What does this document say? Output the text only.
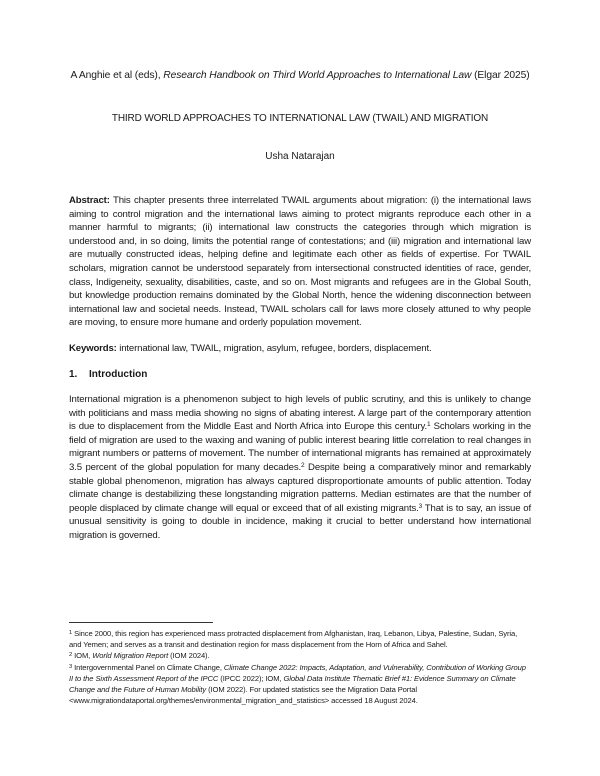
A Anghie et al (eds), Research Handbook on Third World Approaches to International Law (Elgar 2025)
THIRD WORLD APPROACHES TO INTERNATIONAL LAW (TWAIL) AND MIGRATION
Usha Natarajan
Abstract: This chapter presents three interrelated TWAIL arguments about migration: (i) the international laws aiming to control migration and the international laws aiming to protect migrants reproduce each other in a manner harmful to migrants; (ii) international law constructs the categories through which migration is understood and, in so doing, limits the potential range of contestations; and (iii) migration and international law are mutually constructed ideas, helping define and legitimate each other as fields of expertise. For TWAIL scholars, migration cannot be understood separately from intersectional constructed identities of race, gender, class, Indigeneity, sexuality, disabilities, caste, and so on. Most migrants and refugees are in the Global South, but knowledge production remains dominated by the Global North, hence the widening disconnection between international law and societal needs. Instead, TWAIL scholars call for laws more closely attuned to why people are moving, to ensure more humane and orderly population movement.
Keywords: international law, TWAIL, migration, asylum, refugee, borders, displacement.
1. Introduction
International migration is a phenomenon subject to high levels of public scrutiny, and this is unlikely to change with politicians and mass media showing no signs of abating interest. A large part of the contemporary attention is due to displacement from the Middle East and North Africa into Europe this century.$^1$ Scholars working in the field of migration are used to the waxing and waning of public interest bearing little correlation to real changes in migrant numbers or patterns of movement. The number of international migrants has remained at approximately 3.5 percent of the global population for many decades.$^2$ Despite being a comparatively minor and remarkably stable global phenomenon, migration has always captured disproportionate amounts of public attention. Today climate change is destabilizing these longstanding migration patterns. Median estimates are that the number of people displaced by climate change will equal or exceed that of all existing migrants.$^3$ That is to say, an issue of unusual sensitivity is going to double in incidence, making it crucial to better understand how international migration is governed.

$^1$ Since 2000, this region has experienced mass protracted displacement from Afghanistan, Iraq, Lebanon, Libya, Palestine, Sudan, Syria, and Yemen; and serves as a transit and destination region for mass displacement from the Horn of Africa and Sahel.

$^2$ IOM, World Migration Report (IOM 2024).

$^3$ Intergovernmental Panel on Climate Change, Climate Change 2022: Impacts, Adaptation, and Vulnerability, Contribution of Working Group II to the Sixth Assessment Report of the IPCC (IPCC 2022); IOM, Global Data Institute Thematic Brief #1: Evidence Summary on Climate Change and the Future of Human Mobility (IOM 2022). For updated statistics see the Migration Data Portal <www.migrationdataportal.org/themes/environmental_migration_and_statistics> accessed 18 August 2024.
